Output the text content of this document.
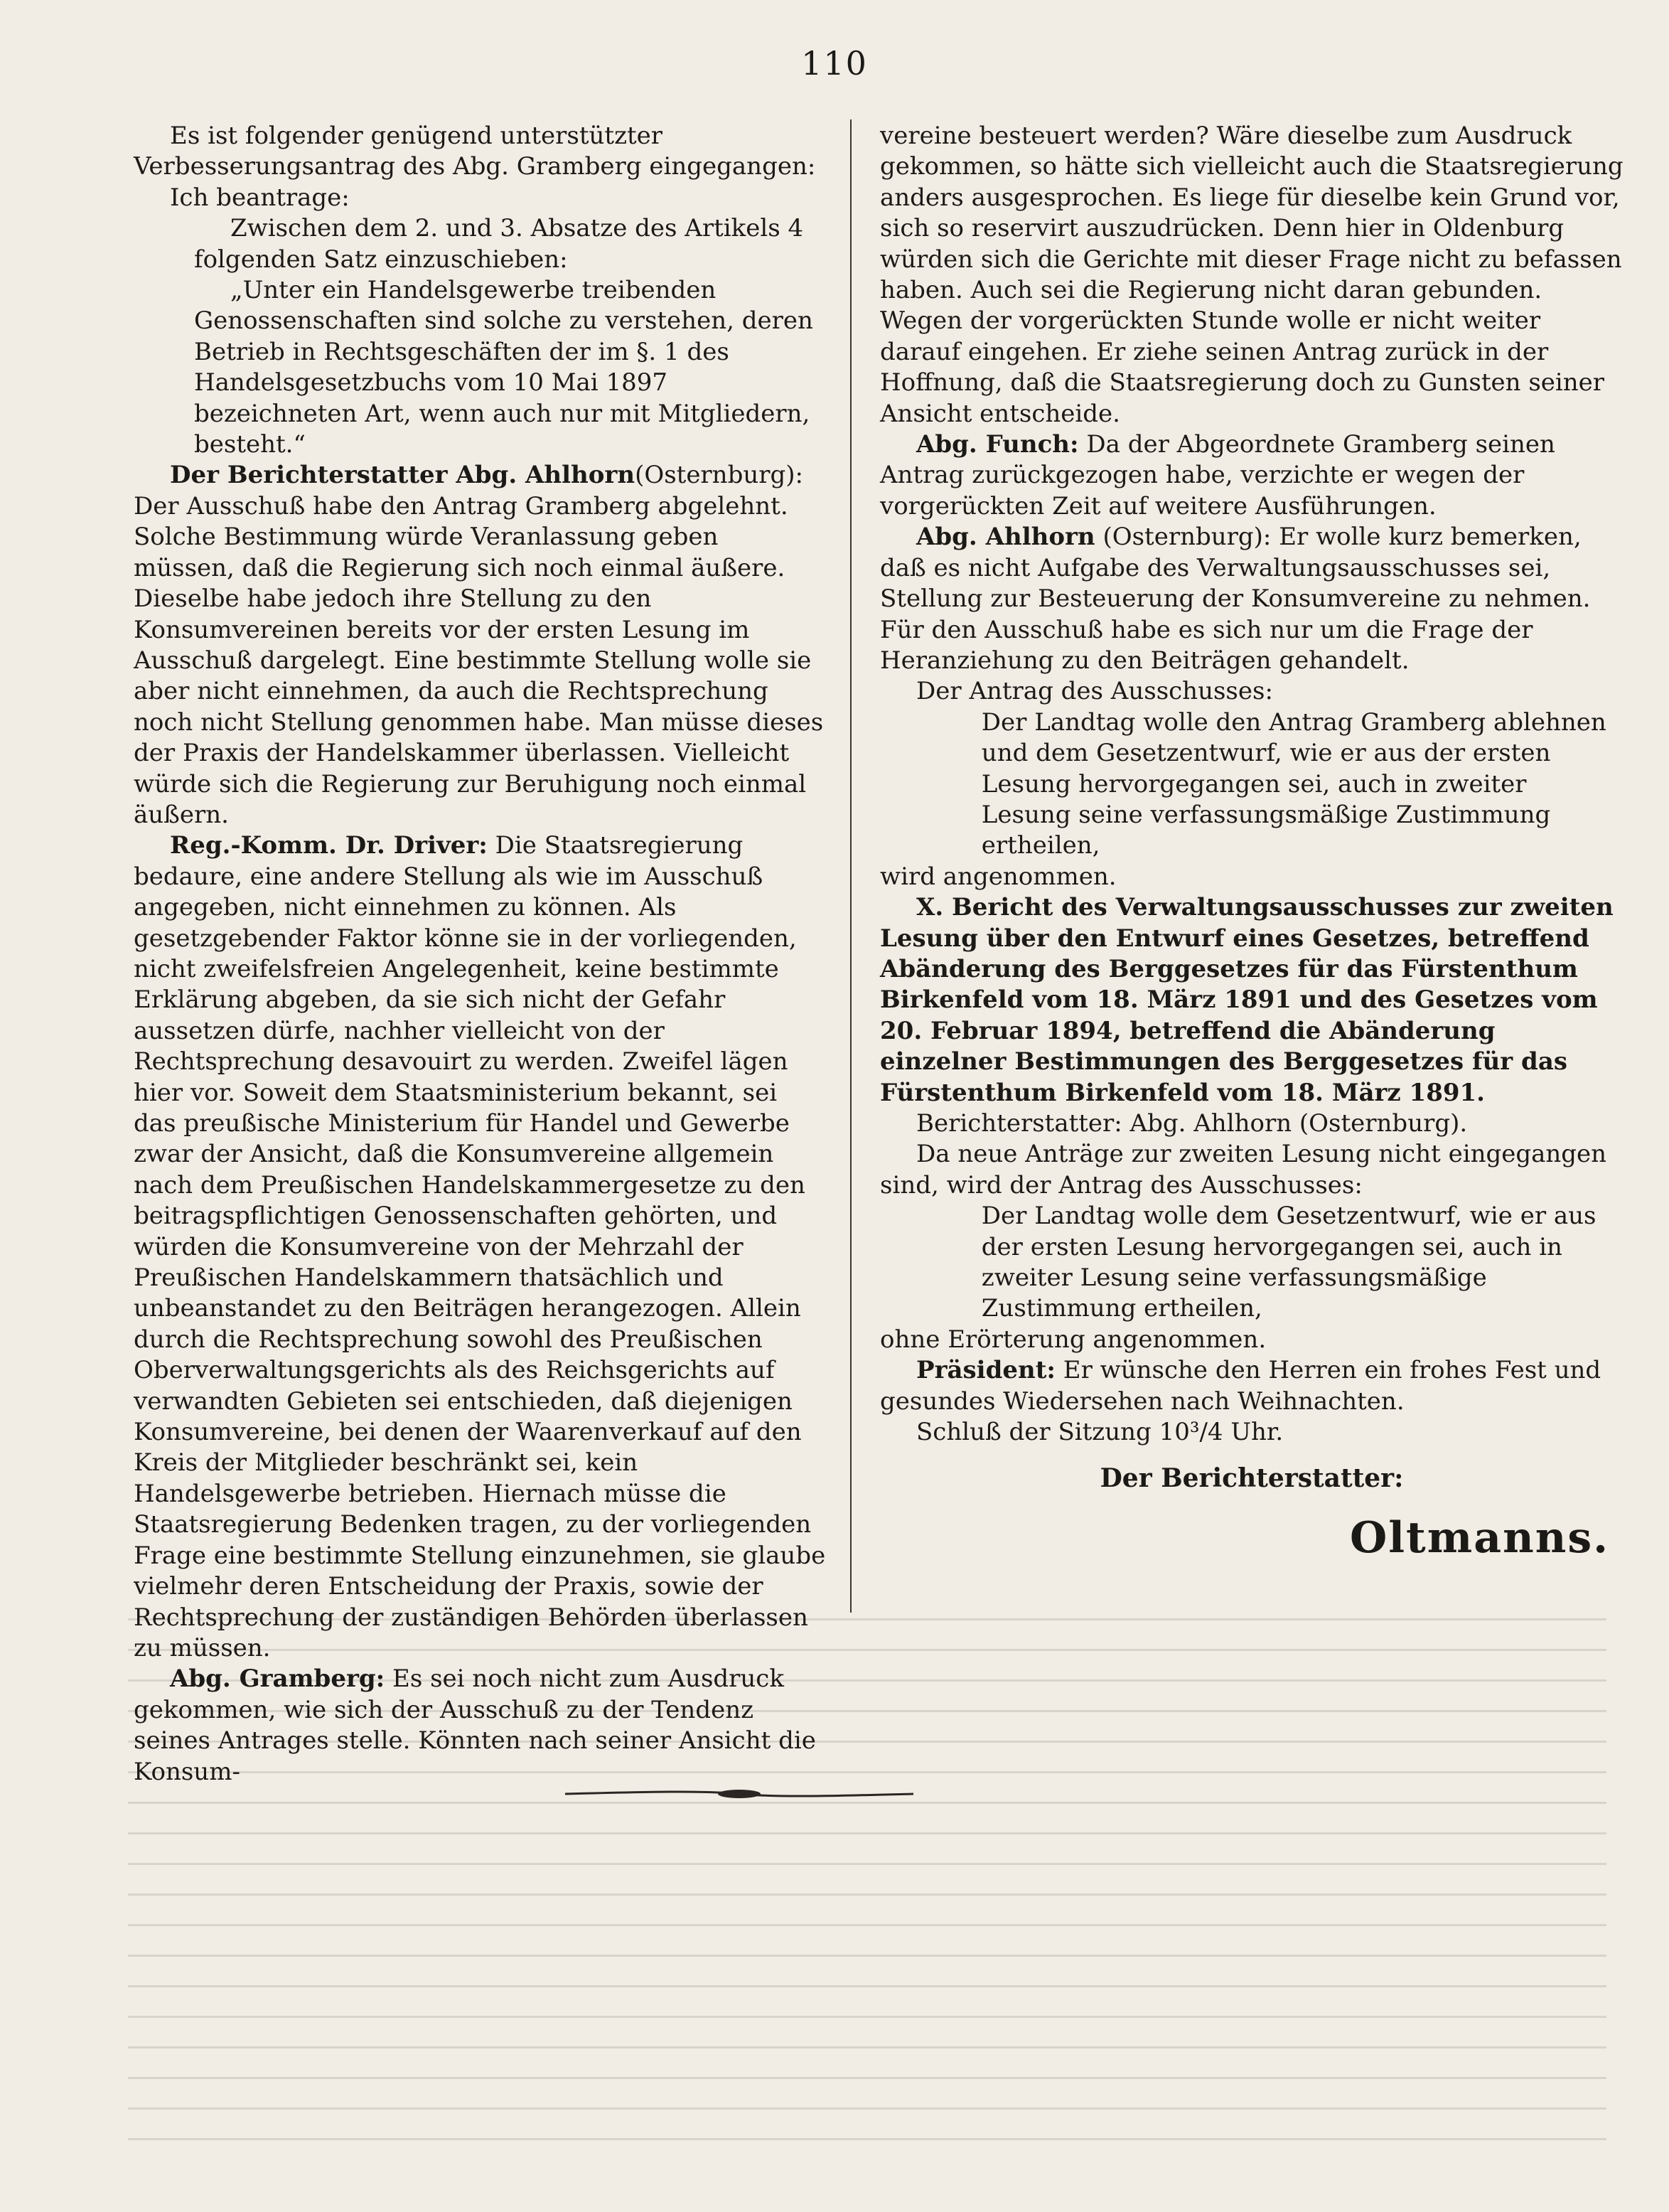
110

Es ist folgender genügend unterstützter Verbesserungsantrag des Abg. Gramberg eingegangen:

Ich beantrage:

Zwischen dem 2. und 3. Absatze des Artikels 4 folgenden Satz einzuschieben:

„Unter ein Handelsgewerbe treibenden Genossenschaften sind solche zu verstehen, deren Betrieb in Rechtsgeschäften der im §. 1 des Handelsgesetzbuchs vom 10 Mai 1897 bezeichneten Art, wenn auch nur mit Mitgliedern, besteht.“

Der Berichterstatter Abg. Ahlhorn(Osternburg): Der Ausschuß habe den Antrag Gramberg abgelehnt. Solche Bestimmung würde Veranlassung geben müssen, daß die Regierung sich noch einmal äußere. Dieselbe habe jedoch ihre Stellung zu den Konsumvereinen bereits vor der ersten Lesung im Ausschuß dargelegt. Eine bestimmte Stellung wolle sie aber nicht einnehmen, da auch die Rechtsprechung noch nicht Stellung genommen habe. Man müsse dieses der Praxis der Handelskammer überlassen. Vielleicht würde sich die Regierung zur Beruhigung noch einmal äußern.

Reg.-Komm. Dr. Driver: Die Staatsregierung bedaure, eine andere Stellung als wie im Ausschuß angegeben, nicht einnehmen zu können. Als gesetzgebender Faktor könne sie in der vorliegenden, nicht zweifelsfreien Angelegenheit, keine bestimmte Erklärung abgeben, da sie sich nicht der Gefahr aussetzen dürfe, nachher vielleicht von der Rechtsprechung desavouirt zu werden. Zweifel lägen hier vor. Soweit dem Staatsministerium bekannt, sei das preußische Ministerium für Handel und Gewerbe zwar der Ansicht, daß die Konsumvereine allgemein nach dem Preußischen Handelskammergesetze zu den beitragspflichtigen Genossenschaften gehörten, und würden die Konsumvereine von der Mehrzahl der Preußischen Handelskammern thatsächlich und unbeanstandet zu den Beiträgen herangezogen. Allein durch die Rechtsprechung sowohl des Preußischen Oberverwaltungsgerichts als des Reichsgerichts auf verwandten Gebieten sei entschieden, daß diejenigen Konsumvereine, bei denen der Waarenverkauf auf den Kreis der Mitglieder beschränkt sei, kein Handelsgewerbe betrieben. Hiernach müsse die Staatsregierung Bedenken tragen, zu der vorliegenden Frage eine bestimmte Stellung einzunehmen, sie glaube vielmehr deren Entscheidung der Praxis, sowie der Rechtsprechung der zuständigen Behörden überlassen zu müssen.

Abg. Gramberg: Es sei noch nicht zum Ausdruck gekommen, wie sich der Ausschuß zu der Tendenz seines Antrages stelle. Könnten nach seiner Ansicht die Konsum-

vereine besteuert werden? Wäre dieselbe zum Ausdruck gekommen, so hätte sich vielleicht auch die Staatsregierung anders ausgesprochen. Es liege für dieselbe kein Grund vor, sich so reservirt auszudrücken. Denn hier in Oldenburg würden sich die Gerichte mit dieser Frage nicht zu befassen haben. Auch sei die Regierung nicht daran gebunden. Wegen der vorgerückten Stunde wolle er nicht weiter darauf eingehen. Er ziehe seinen Antrag zurück in der Hoffnung, daß die Staatsregierung doch zu Gunsten seiner Ansicht entscheide.

Abg. Funch: Da der Abgeordnete Gramberg seinen Antrag zurückgezogen habe, verzichte er wegen der vorgerückten Zeit auf weitere Ausführungen.

Abg. Ahlhorn (Osternburg): Er wolle kurz bemerken, daß es nicht Aufgabe des Verwaltungsausschusses sei, Stellung zur Besteuerung der Konsumvereine zu nehmen. Für den Ausschuß habe es sich nur um die Frage der Heranziehung zu den Beiträgen gehandelt.

Der Antrag des Ausschusses:

Der Landtag wolle den Antrag Gramberg ablehnen und dem Gesetzentwurf, wie er aus der ersten Lesung hervorgegangen sei, auch in zweiter Lesung seine verfassungsmäßige Zustimmung ertheilen,

wird angenommen.

X. Bericht des Verwaltungsausschusses zur zweiten Lesung über den Entwurf eines Gesetzes, betreffend Abänderung des Berggesetzes für das Fürstenthum Birkenfeld vom 18. März 1891 und des Gesetzes vom 20. Februar 1894, betreffend die Abänderung einzelner Bestimmungen des Berggesetzes für das Fürstenthum Birkenfeld vom 18. März 1891.

Berichterstatter: Abg. Ahlhorn (Osternburg).

Da neue Anträge zur zweiten Lesung nicht eingegangen sind, wird der Antrag des Ausschusses:

Der Landtag wolle dem Gesetzentwurf, wie er aus der ersten Lesung hervorgegangen sei, auch in zweiter Lesung seine verfassungsmäßige Zustimmung ertheilen,

ohne Erörterung angenommen.

Präsident: Er wünsche den Herren ein frohes Fest und gesundes Wiedersehen nach Weihnachten.

Schluß der Sitzung 10³/4 Uhr.

Der Berichterstatter:

Oltmanns.
